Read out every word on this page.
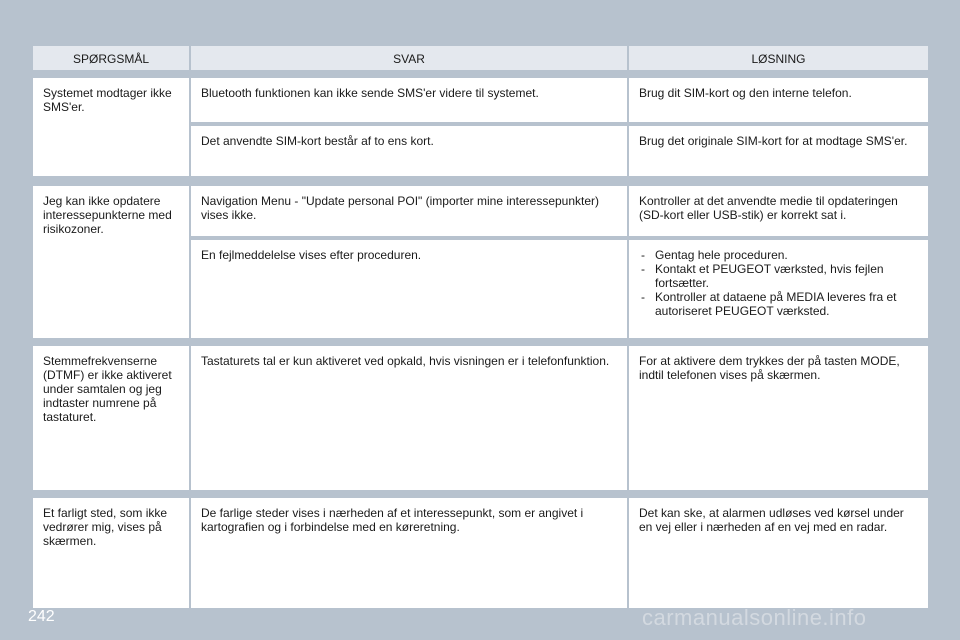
SPØRGSMÅL	SVAR	LØSNING
Systemet modtager ikke SMS'er.
Bluetooth funktionen kan ikke sende SMS'er videre til systemet.	Brug dit SIM-kort og den interne telefon.
Det anvendte SIM-kort består af to ens kort.	Brug det originale SIM-kort for at modtage SMS'er.
Jeg kan ikke opdatere interessepunkterne med risikozoner.
Navigation Menu - "Update personal POI" (importer mine interessepunkter) vises ikke.
Kontroller at det anvendte medie til opdateringen (SD-kort eller USB-stik) er korrekt sat i.
En fejlmeddelelse vises efter proceduren.
-	Gentag hele proceduren.
- Kontakt et PEUGEOT værksted, hvis fejlen fortsætter.
- Kontroller at dataene på MEDIA leveres fra et autoriseret PEUGEOT værksted.
Stemmefrekvenserne (DTMF) er ikke aktiveret under samtalen og jeg indtaster numrene på tastaturet.
Tastaturets tal er kun aktiveret ved opkald, hvis visningen er i telefonfunktion.	For at aktivere dem trykkes der på tasten MODE, indtil telefonen vises på skærmen.
Et farligt sted, som ikke vedrører mig, vises på skærmen.
De farlige steder vises i nærheden af et interessepunkt, som er angivet i kartografien og i forbindelse med en køreretning.
Det kan ske, at alarmen udløses ved kørsel under en vej eller i nærheden af en vej med en radar.
242	carmanualsonline.info
